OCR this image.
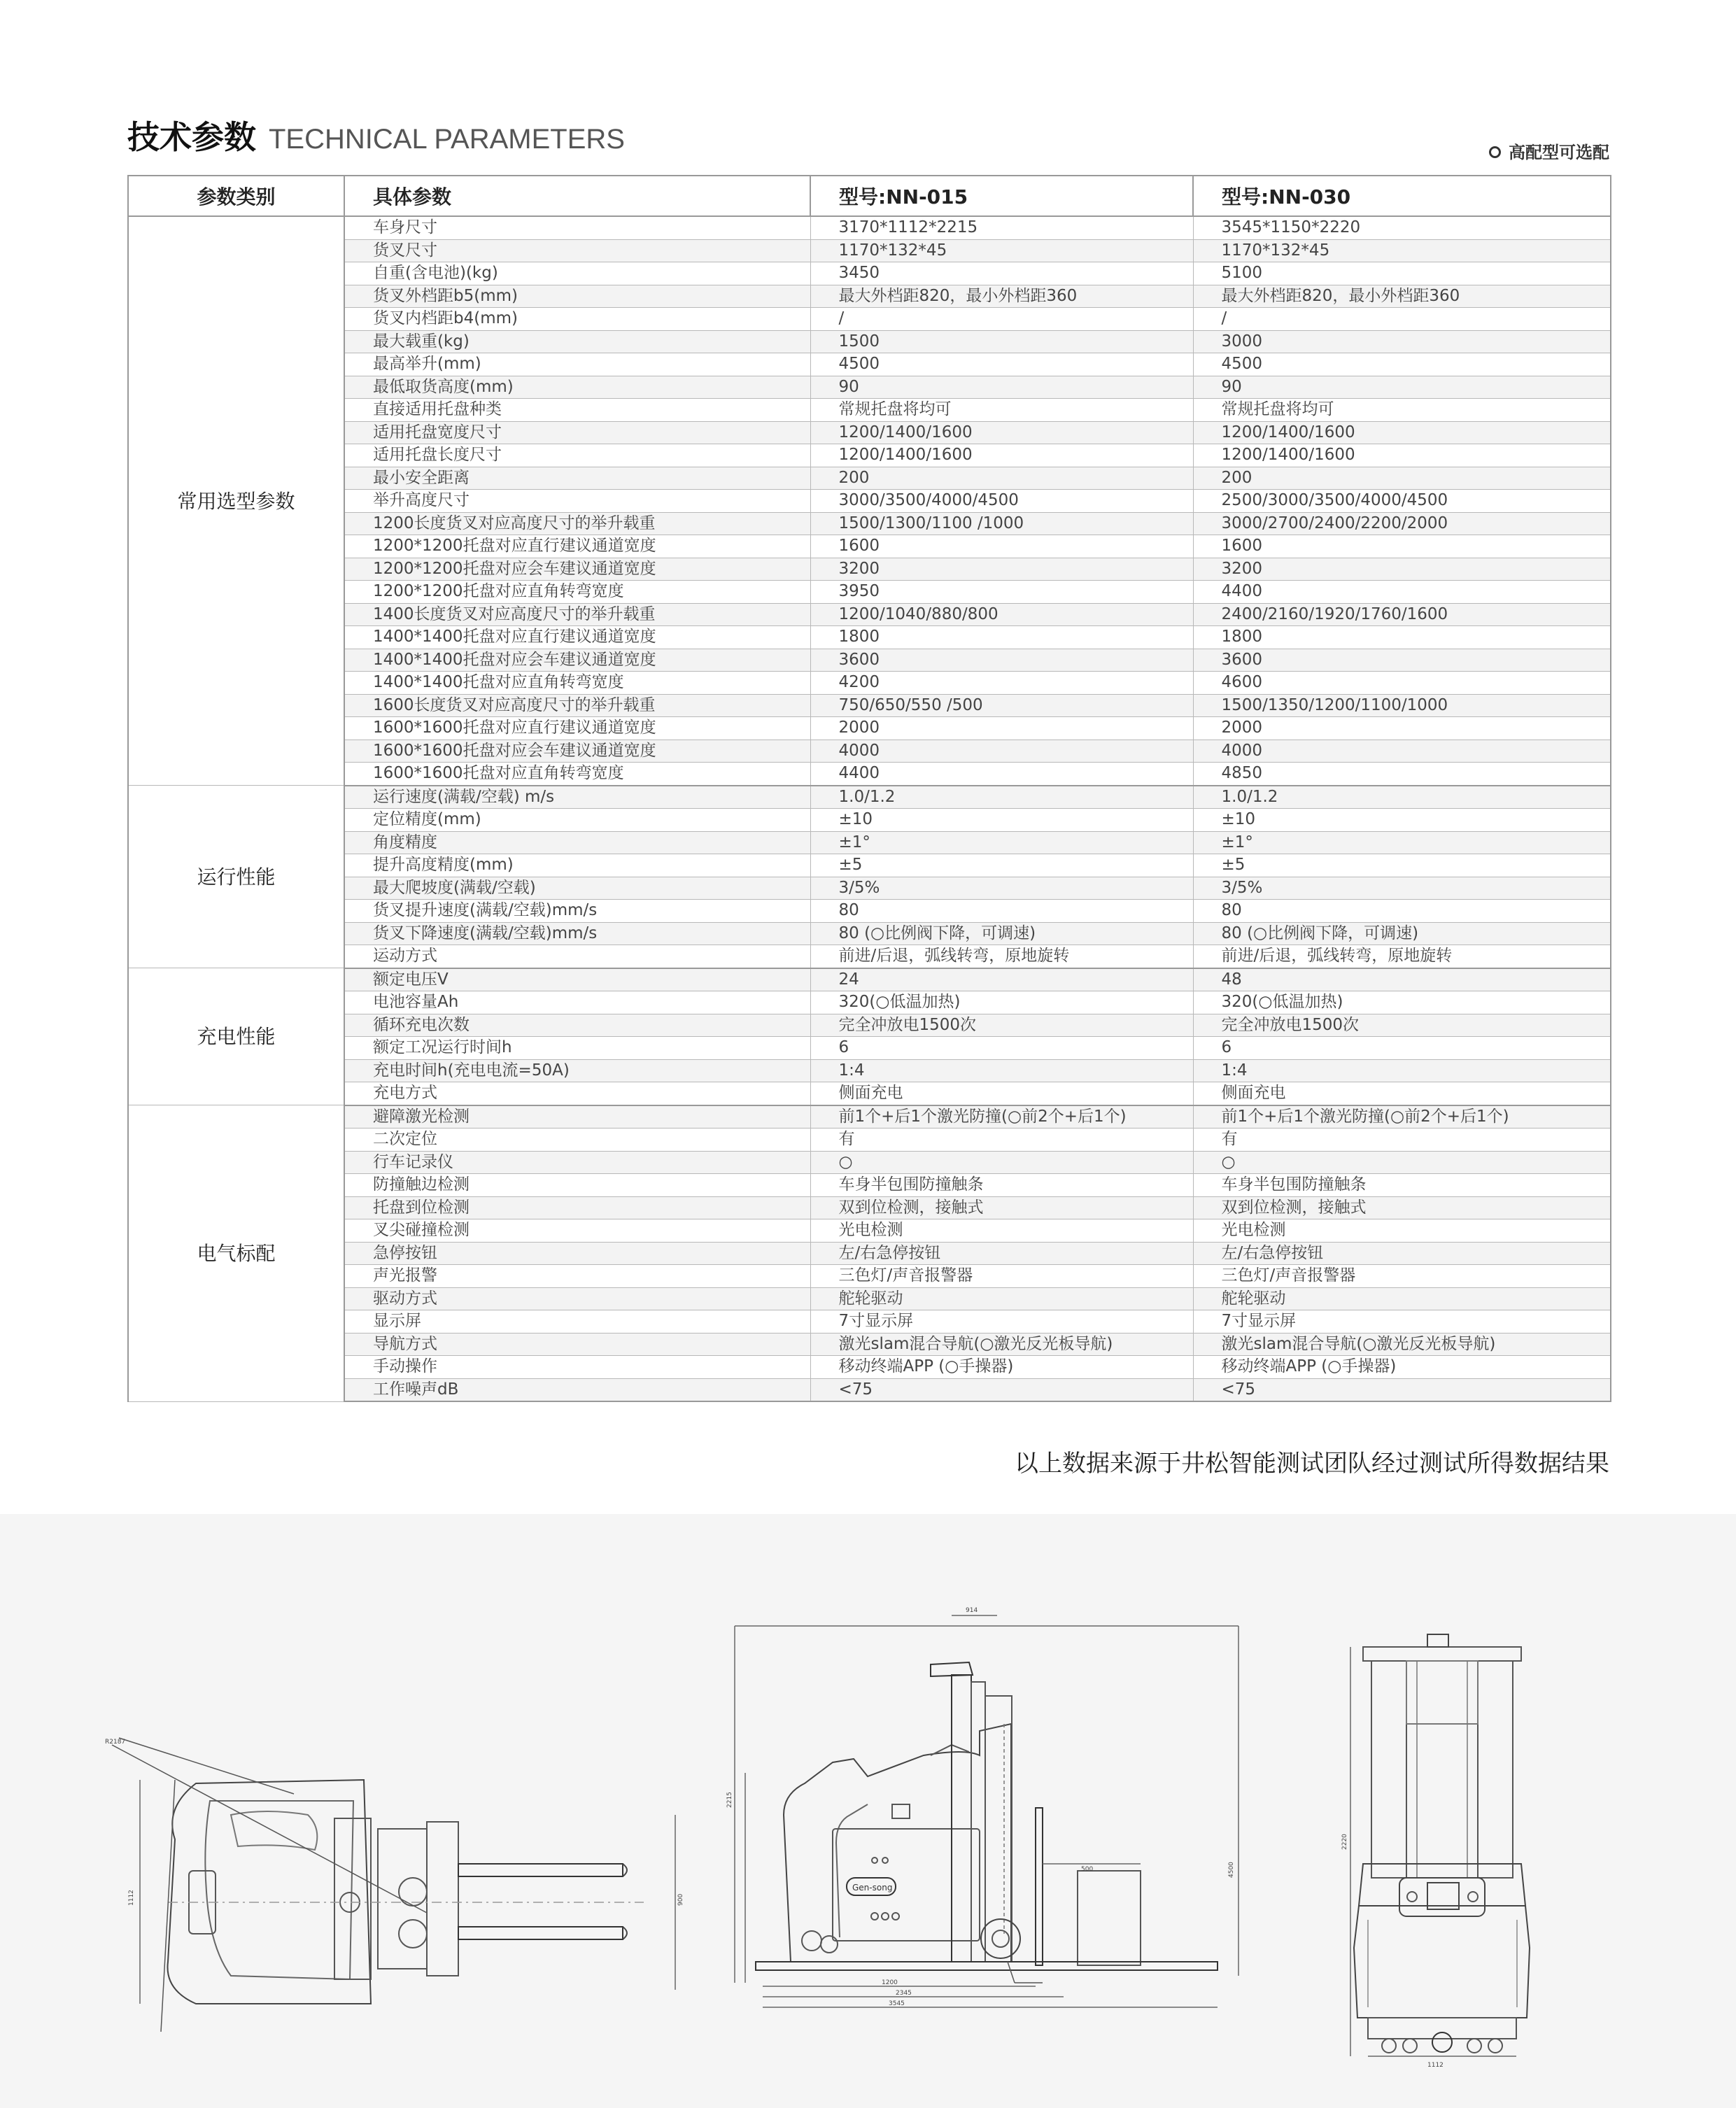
技术参数 TECHNICAL PARAMETERS	高配型可选配
参数类别	具体参数	型号:NN-015	型号:NN-030
常用选型参数	车身尺寸	3170*1112*2215	3545*1150*2220
	货叉尺寸	1170*132*45	1170*132*45
	自重(含电池)(kg)	3450	5100
	货叉外档距b5(mm)	最大外档距820，最小外档距360	最大外档距820，最小外档距360
	货叉内档距b4(mm)	/	/
	最大载重(kg)	1500	3000
	最高举升(mm)	4500	4500
	最低取货高度(mm)	90	90
	直接适用托盘种类	常规托盘将均可	常规托盘将均可
	适用托盘宽度尺寸	1200/1400/1600	1200/1400/1600
	适用托盘长度尺寸	1200/1400/1600	1200/1400/1600
	最小安全距离	200	200
	举升高度尺寸	3000/3500/4000/4500	2500/3000/3500/4000/4500
	1200长度货叉对应高度尺寸的举升载重	1500/1300/1100 /1000	3000/2700/2400/2200/2000
	1200*1200托盘对应直行建议通道宽度	1600	1600
	1200*1200托盘对应会车建议通道宽度	3200	3200
	1200*1200托盘对应直角转弯宽度	3950	4400
	1400长度货叉对应高度尺寸的举升载重	1200/1040/880/800	2400/2160/1920/1760/1600
	1400*1400托盘对应直行建议通道宽度	1800	1800
	1400*1400托盘对应会车建议通道宽度	3600	3600
	1400*1400托盘对应直角转弯宽度	4200	4600
	1600长度货叉对应高度尺寸的举升载重	750/650/550 /500	1500/1350/1200/1100/1000
	1600*1600托盘对应直行建议通道宽度	2000	2000
	1600*1600托盘对应会车建议通道宽度	4000	4000
	1600*1600托盘对应直角转弯宽度	4400	4850
运行性能	运行速度(满载/空载) m/s	1.0/1.2	1.0/1.2
	定位精度(mm)	±10	±10
	角度精度	±1°	±1°
	提升高度精度(mm)	±5	±5
	最大爬坡度(满载/空载)	3/5%	3/5%
	货叉提升速度(满载/空载)mm/s	80	80
	货叉下降速度(满载/空载)mm/s	80 (○比例阀下降，可调速)	80 (○比例阀下降，可调速)
	运动方式	前进/后退，弧线转弯，原地旋转	前进/后退，弧线转弯，原地旋转
充电性能	额定电压V	24	48
	电池容量Ah	320(○低温加热)	320(○低温加热)
	循环充电次数	完全冲放电1500次	完全冲放电1500次
	额定工况运行时间h	6	6
	充电时间h(充电电流=50A)	1:4	1:4
	充电方式	侧面充电	侧面充电
电气标配	避障激光检测	前1个+后1个激光防撞(○前2个+后1个)	前1个+后1个激光防撞(○前2个+后1个)
	二次定位	有	有
	行车记录仪	○	○
	防撞触边检测	车身半包围防撞触条	车身半包围防撞触条
	托盘到位检测	双到位检测，接触式	双到位检测，接触式
	叉尖碰撞检测	光电检测	光电检测
	急停按钮	左/右急停按钮	左/右急停按钮
	声光报警	三色灯/声音报警器	三色灯/声音报警器
	驱动方式	舵轮驱动	舵轮驱动
	显示屏	7寸显示屏	7寸显示屏
	导航方式	激光slam混合导航(○激光反光板导航)	激光slam混合导航(○激光反光板导航)
	手动操作	移动终端APP (○手操器)	移动终端APP (○手操器)
	工作噪声dB	<75	<75
以上数据来源于井松智能测试团队经过测试所得数据结果
R2187
1112	900
914
2215
4500
Gen-song
500
1200
2345
3545
2220
1112
